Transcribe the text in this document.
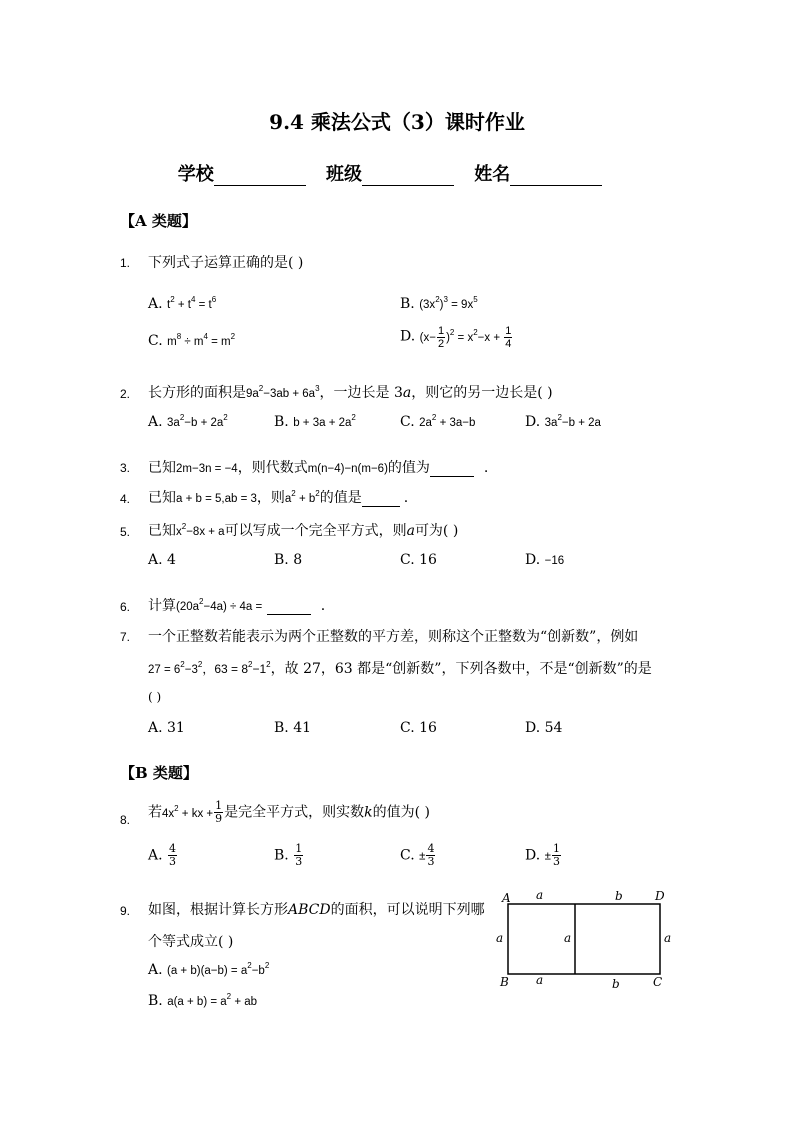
9.4 乘法公式（3）课时作业
学校	班级	姓名
【A 类题】
1. 下列式子运算正确的是( )
A. $t^2 + t^4 = t^6$	B. $(3x^2)^3 = 9x^5$
C. $m^8 \div m^4 = m^2$	D. $(x- \frac{1}{2} )^2 = x^2-x + \frac{1}{4}$
2. 长方形的面积是$9a^2-3ab + 6a^3$，一边长是 3a，则它的另一边长是( )
A. $3a^2-b + 2a^2$	B. $b + 3a + 2a^2$	C. $2a^2 + 3a-b$	D. $3a^2-b + 2a$
3. 已知2m−3n = −4，则代数式m(n−4)−n(m−6)的值为	.
4. 已知a + b = 5,ab = 3，则$a^2 + b^2$的值是	.
5. 已知$x^2-8x + a$可以写成一个完全平方式，则a可为( )
A. 4	B. 8	C. 16	D. −16
6. 计算$(20a^2-4a) \div 4a$ =	.
7. 一个正整数若能表示为两个正整数的平方差，则称这个正整数为“创新数”，例如
$27 = 6^2-3^2$，$63 = 8^2-1^2$，故 27，63 都是“创新数”，下列各数中，不是“创新数”的是
( )
A. 31	B. 41	C. 16	D. 54
【B 类题】
8. 若$4x^2$ + kx + $\frac{1}{9}$ 是完全平方式，则实数k的值为( )
A. $\frac{4}{3}$	B. $\frac{1}{3}$	C. ± $\frac{4}{3}$	D. ± $\frac{1}{3}$
9. 如图，根据计算长方形ABCD的面积，可以说明下列哪
个等式成立( )
A. $(a + b)(a-b) = a^2-b^2$
B. $a(a + b) = a^2$ + ab
A a	b	D
a	a	a
B a	b	C
